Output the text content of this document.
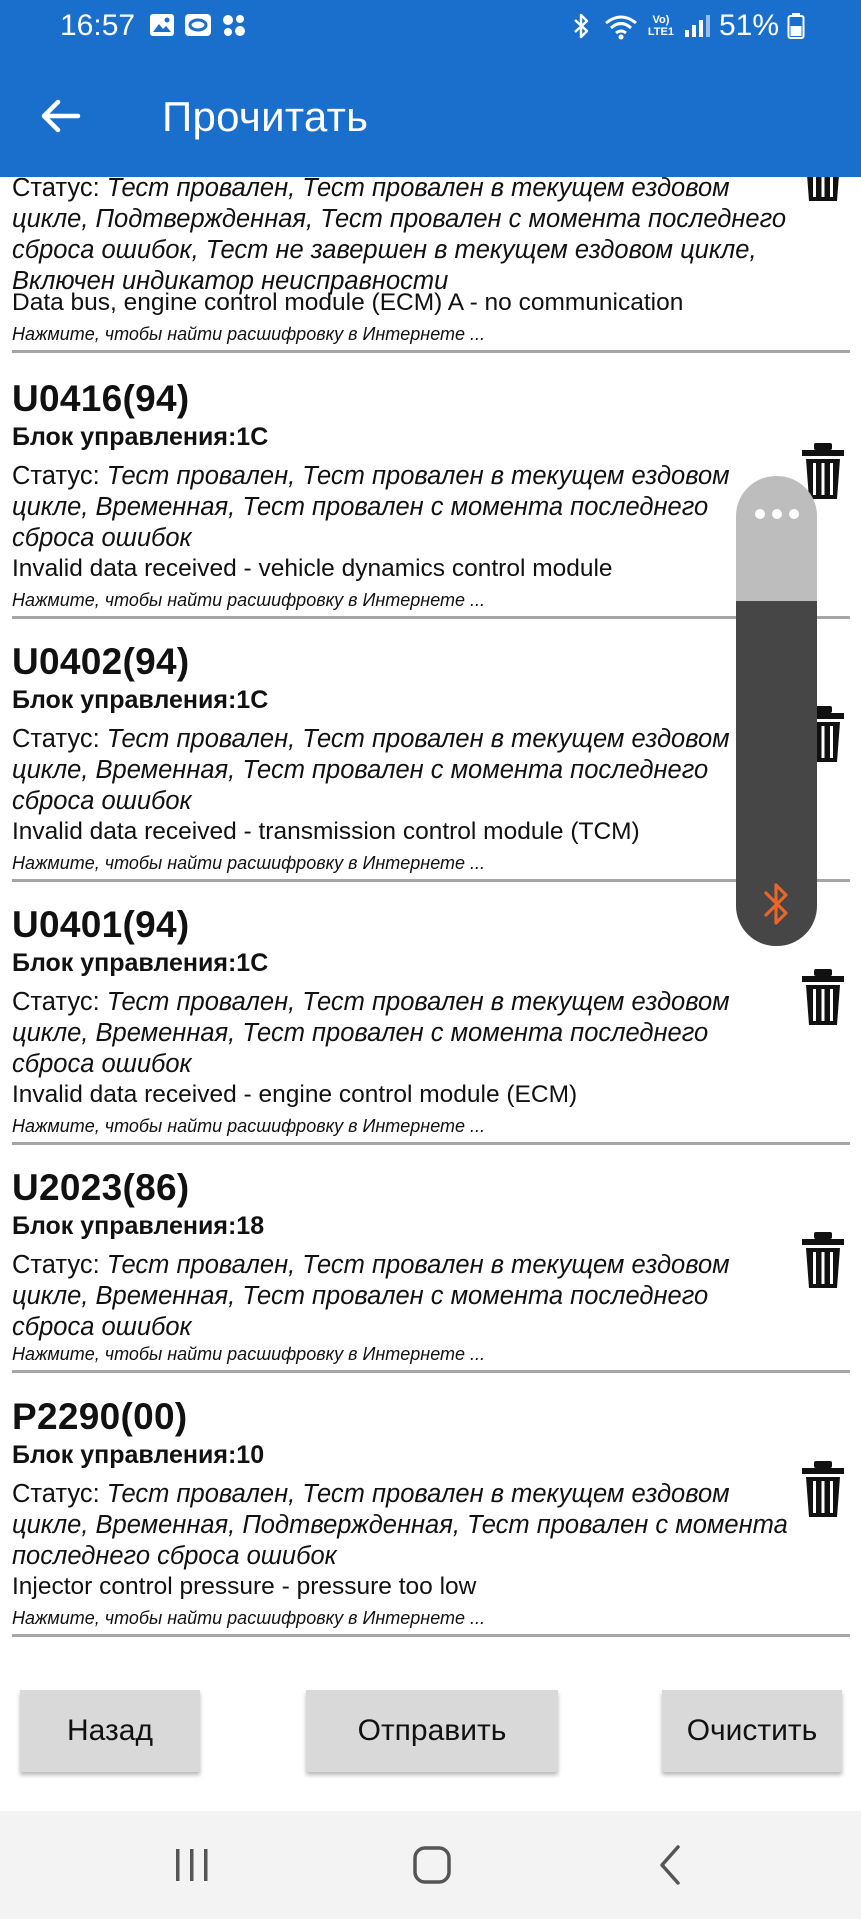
16:57	Vo)
LTE1 51%
Прочитать
Статус: Тест провален, Тест провален в текущем ездовом цикле, Подтвержденная, Тест провален с момента последнего сброса ошибок, Тест не завершен в текущем ездовом цикле, Включен индикатор неисправности
Data bus, engine control module (ECM) A - no communication
Нажмите, чтобы найти расшифровку в Интернете ...
U0416(94)
Блок управления:1C
Статус: Тест провален, Тест провален в текущем ездовом цикле, Временная, Тест провален с момента последнего сброса ошибок
Invalid data received - vehicle dynamics control module
Нажмите, чтобы найти расшифровку в Интернете ...
U0402(94)
Блок управления:1C
Статус: Тест провален, Тест провален в текущем ездовом цикле, Временная, Тест провален с момента последнего сброса ошибок
Invalid data received - transmission control module (TCM)
Нажмите, чтобы найти расшифровку в Интернете ...
U0401(94)
Блок управления:1C
Статус: Тест провален, Тест провален в текущем ездовом цикле, Временная, Тест провален с момента последнего сброса ошибок
Invalid data received - engine control module (ECM)
Нажмите, чтобы найти расшифровку в Интернете ...
U2023(86)
Блок управления:18
Статус: Тест провален, Тест провален в текущем ездовом цикле, Временная, Тест провален с момента последнего сброса ошибок
Нажмите, чтобы найти расшифровку в Интернете ...
P2290(00)
Блок управления:10
Статус: Тест провален, Тест провален в текущем ездовом цикле, Временная, Подтвержденная, Тест провален с момента последнего сброса ошибок
Injector control pressure - pressure too low
Нажмите, чтобы найти расшифровку в Интернете ...
Назад	Отправить	Очистить
